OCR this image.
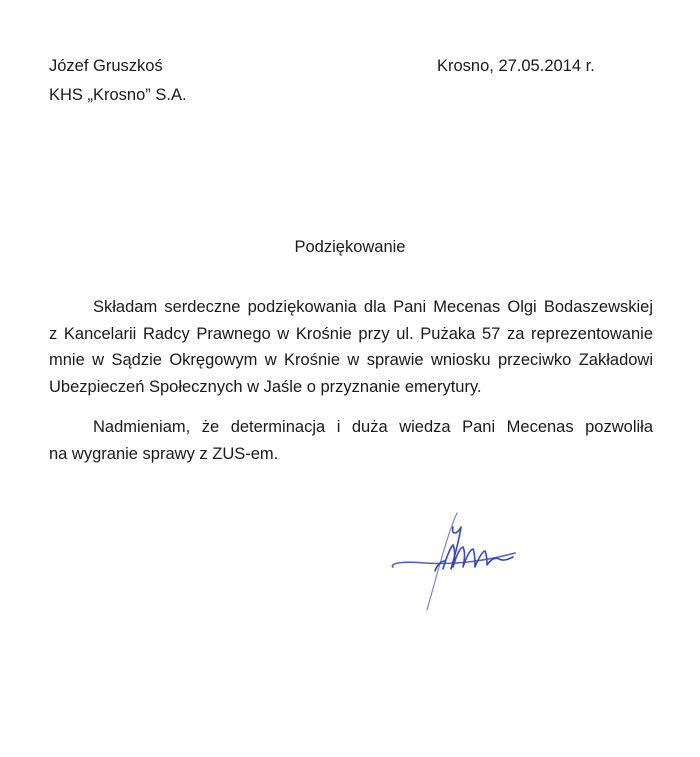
Józef Gruszkoś
KHS „Krosno” S.A.
Krosno, 27.05.2014 r.
Podziękowanie
Składam serdeczne podziękowania dla Pani Mecenas Olgi Bodaszewskiej
z Kancelarii Radcy Prawnego w Krośnie przy ul. Pużaka 57 za reprezentowanie
mnie w Sądzie Okręgowym w Krośnie w sprawie wniosku przeciwko Zakładowi
Ubezpieczeń Społecznych w Jaśle o przyznanie emerytury.
Nadmieniam, że determinacja i duża wiedza Pani Mecenas pozwoliła
na wygranie sprawy z ZUS-em.
